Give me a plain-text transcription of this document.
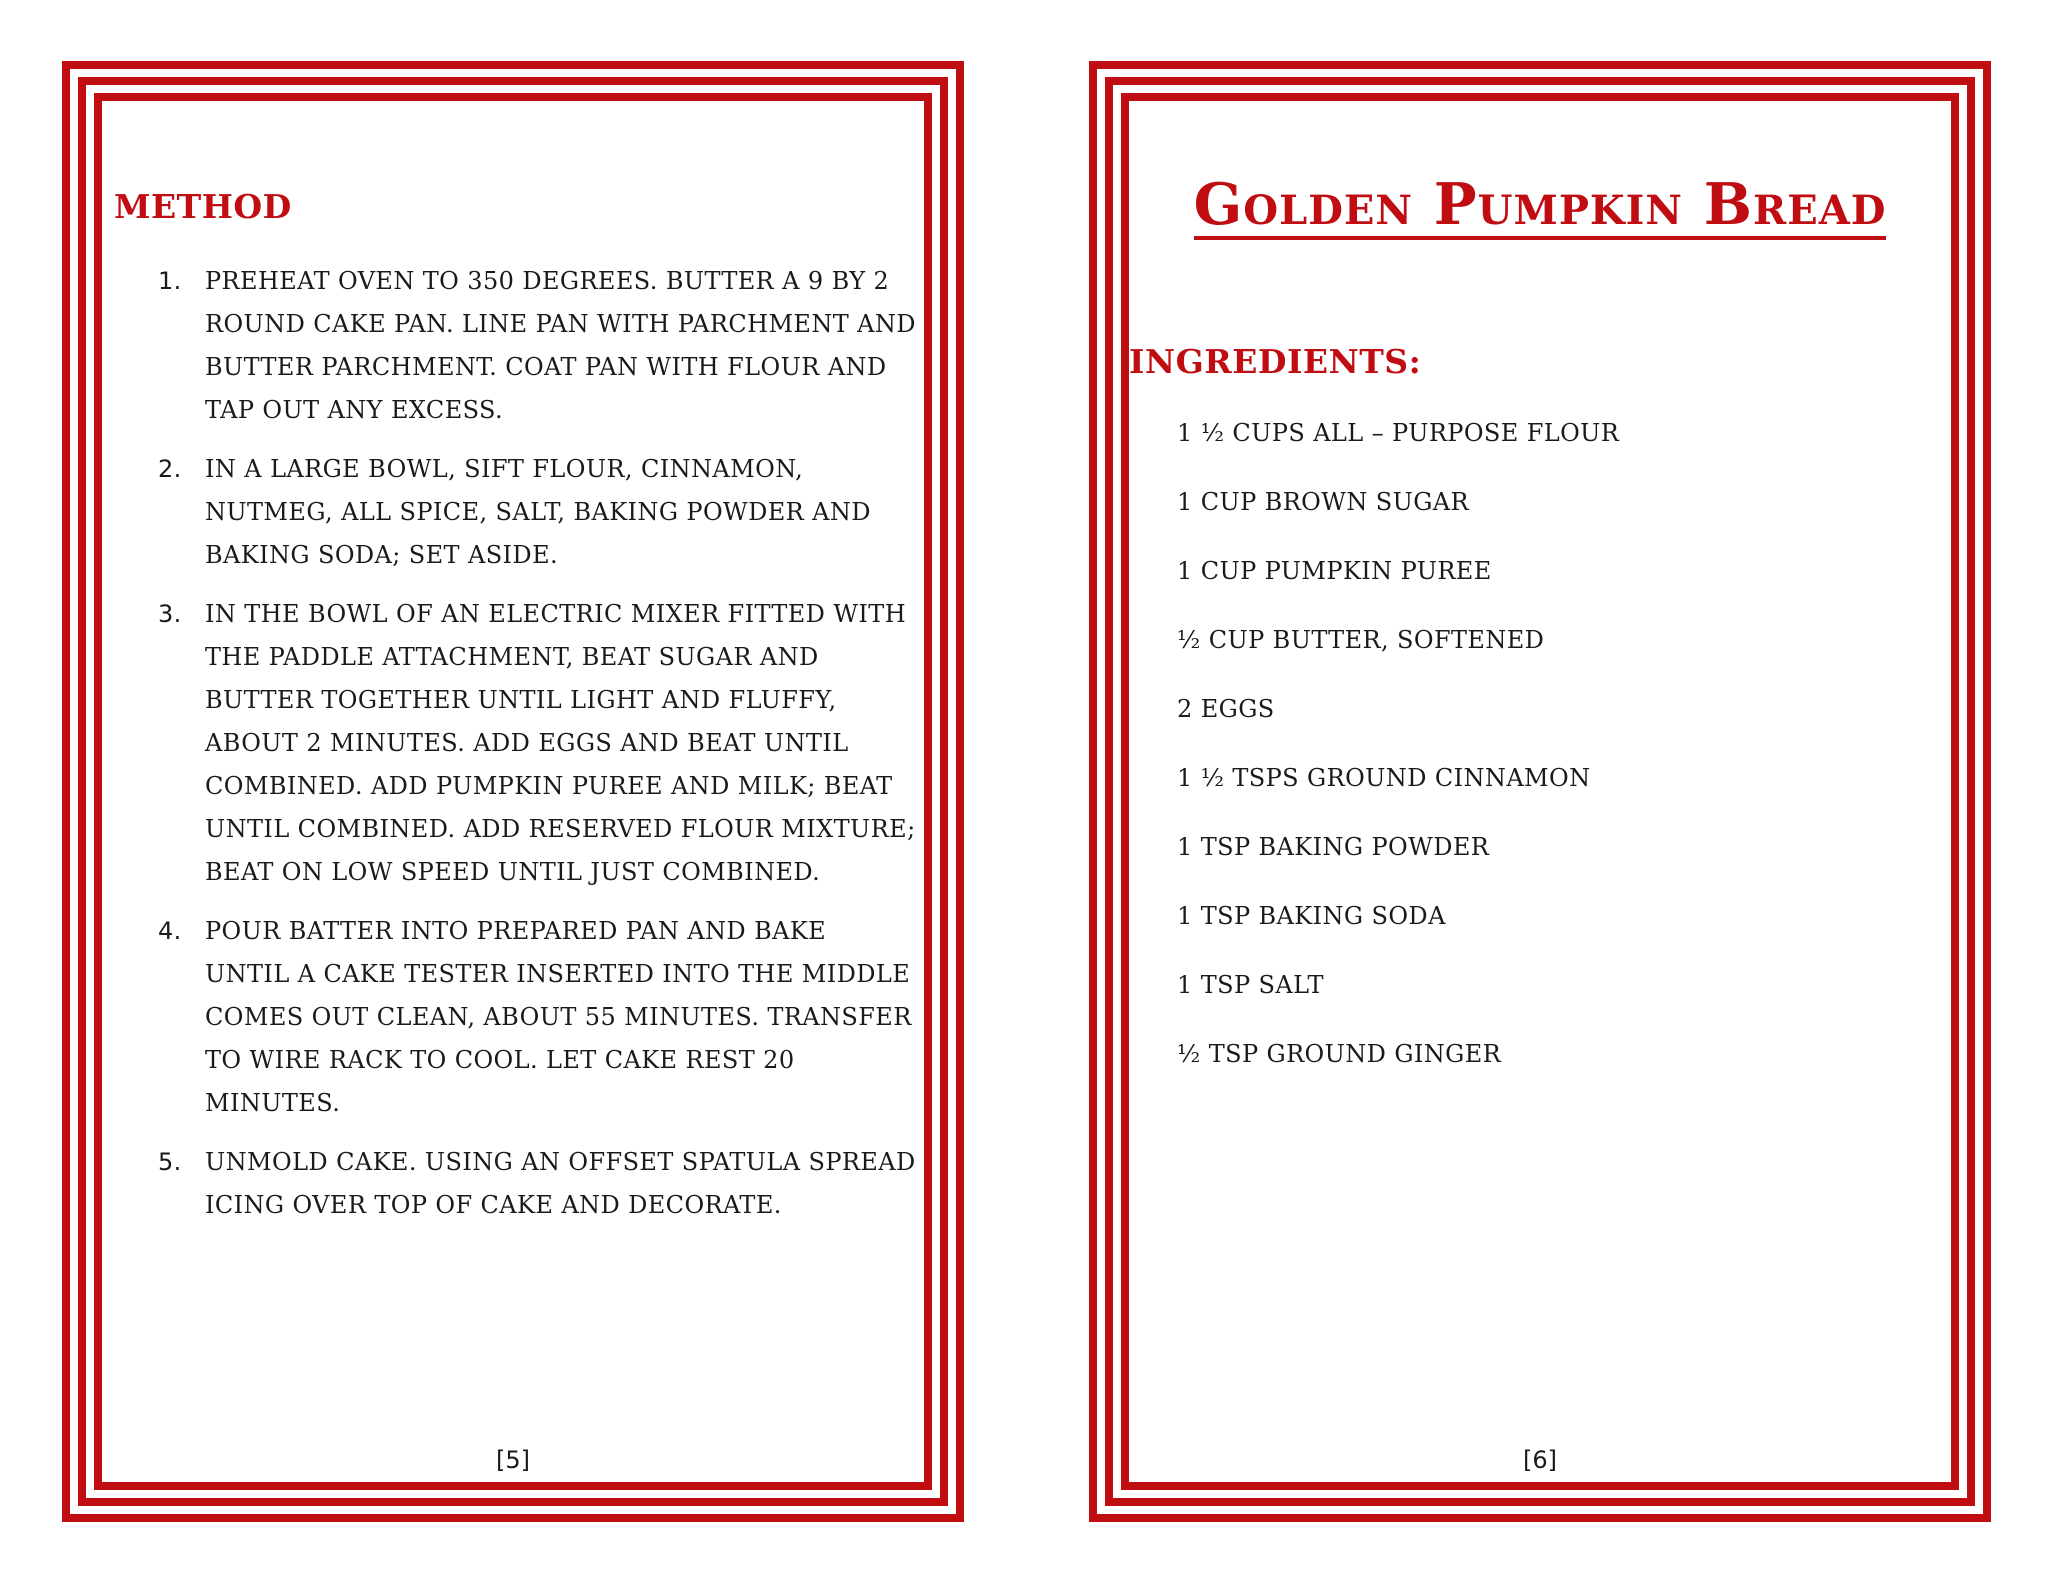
METHOD
1. PREHEAT OVEN TO 350 DEGREES. BUTTER A 9 BY 2 ROUND CAKE PAN. LINE PAN WITH PARCHMENT AND BUTTER PARCHMENT. COAT PAN WITH FLOUR AND TAP OUT ANY EXCESS.
2. IN A LARGE BOWL, SIFT FLOUR, CINNAMON, NUTMEG, ALL SPICE, SALT, BAKING POWDER AND BAKING SODA; SET ASIDE.
3. IN THE BOWL OF AN ELECTRIC MIXER FITTED WITH THE PADDLE ATTACHMENT, BEAT SUGAR AND BUTTER TOGETHER UNTIL LIGHT AND FLUFFY, ABOUT 2 MINUTES. ADD EGGS AND BEAT UNTIL COMBINED. ADD PUMPKIN PUREE AND MILK; BEAT UNTIL COMBINED. ADD RESERVED FLOUR MIXTURE; BEAT ON LOW SPEED UNTIL JUST COMBINED.
4. POUR BATTER INTO PREPARED PAN AND BAKE UNTIL A CAKE TESTER INSERTED INTO THE MIDDLE COMES OUT CLEAN, ABOUT 55 MINUTES. TRANSFER TO WIRE RACK TO COOL. LET CAKE REST 20 MINUTES.
5. UNMOLD CAKE. USING AN OFFSET SPATULA SPREAD ICING OVER TOP OF CAKE AND DECORATE.
[5]
Golden Pumpkin Bread
INGREDIENTS:
1 ½ CUPS ALL – PURPOSE FLOUR
1 CUP BROWN SUGAR
1 CUP PUMPKIN PUREE
½ CUP BUTTER, SOFTENED
2 EGGS
1 ½ TSPS GROUND CINNAMON
1 TSP BAKING POWDER
1 TSP BAKING SODA
1 TSP SALT
½ TSP GROUND GINGER
[6]
